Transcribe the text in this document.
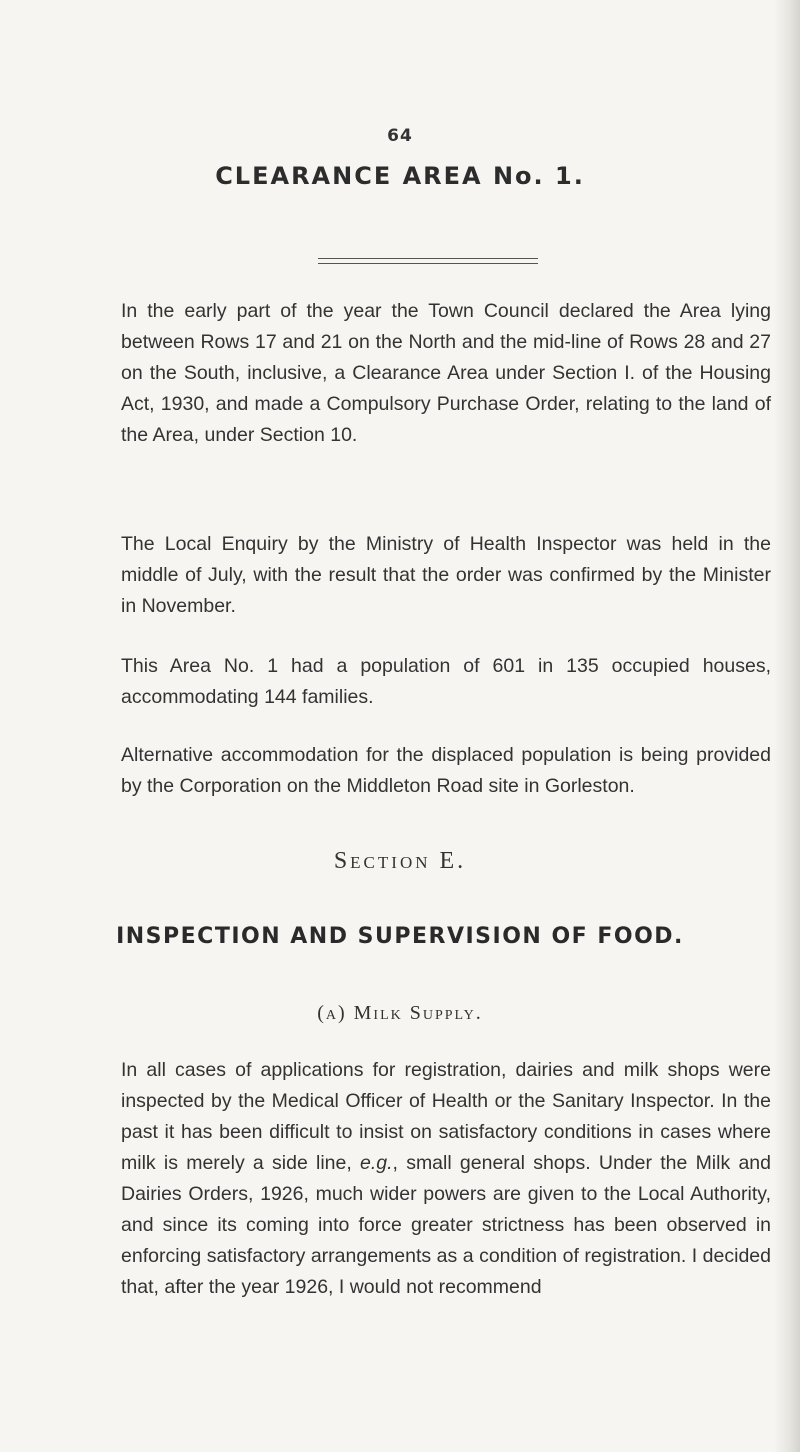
64
CLEARANCE AREA No. 1.

In the early part of the year the Town Council declared the Area lying between Rows 17 and 21 on the North and the mid-line of Rows 28 and 27 on the South, inclusive, a Clearance Area under Section I. of the Housing Act, 1930, and made a Compulsory Purchase Order, relating to the land of the Area, under Section 10.

The Local Enquiry by the Ministry of Health Inspector was held in the middle of July, with the result that the order was confirmed by the Minister in November.

This Area No. 1 had a population of 601 in 135 occupied houses, accommodating 144 families.

Alternative accommodation for the displaced population is being provided by the Corporation on the Middleton Road site in Gorleston.

Section E.
INSPECTION AND SUPERVISION OF FOOD.
(a) Milk Supply.

In all cases of applications for registration, dairies and milk shops were inspected by the Medical Officer of Health or the Sanitary Inspector. In the past it has been difficult to insist on satisfactory conditions in cases where milk is merely a side line, e.g., small general shops. Under the Milk and Dairies Orders, 1926, much wider powers are given to the Local Authority, and since its coming into force greater strictness has been observed in enforcing satisfactory arrangements as a condition of registration. I decided that, after the year 1926, I would not recommend
